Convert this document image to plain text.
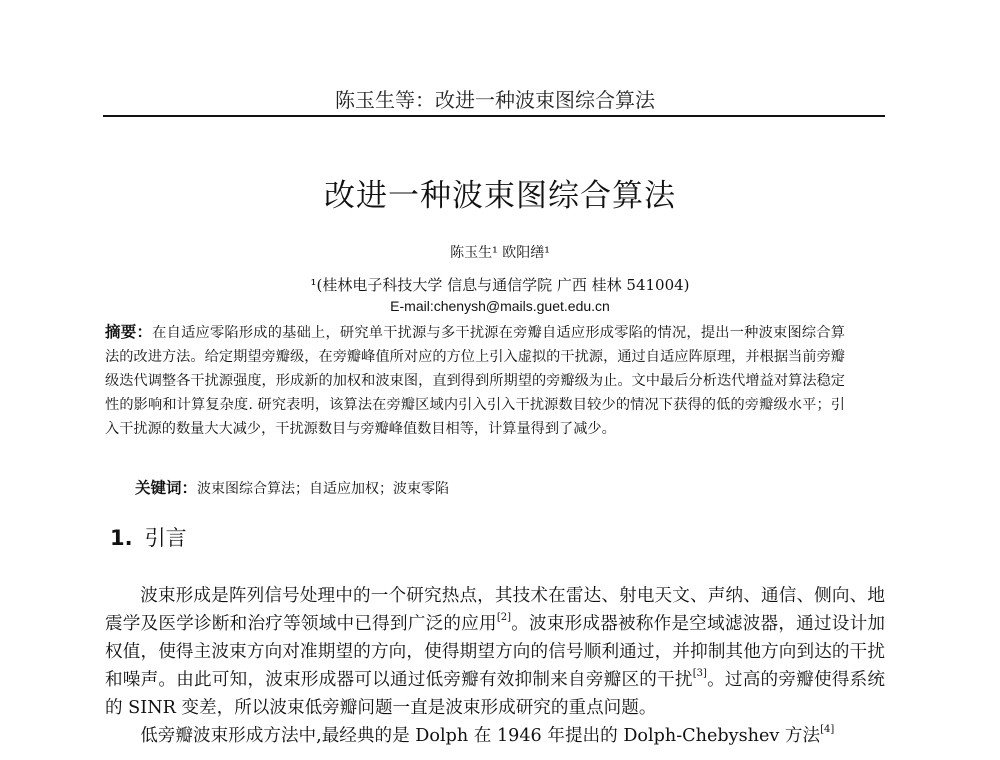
陈玉生等：改进一种波束图综合算法
改进一种波束图综合算法
陈玉生¹ 欧阳缮¹
¹(桂林电子科技大学 信息与通信学院 广西 桂林 541004)
E-mail:chenysh@mails.guet.edu.cn
摘要：在自适应零陷形成的基础上，研究单干扰源与多干扰源在旁瓣自适应形成零陷的情况，提出一种波束图综合算法的改进方法。给定期望旁瓣级，在旁瓣峰值所对应的方位上引入虚拟的干扰源，通过自适应阵原理，并根据当前旁瓣级迭代调整各干扰源强度，形成新的加权和波束图，直到得到所期望的旁瓣级为止。文中最后分析迭代增益对算法稳定性的影响和计算复杂度. 研究表明，该算法在旁瓣区域内引入引入干扰源数目较少的情况下获得的低的旁瓣级水平；引入干扰源的数量大大减少，干扰源数目与旁瓣峰值数目相等，计算量得到了减少。
关键词：波束图综合算法；自适应加权；波束零陷
1. 引言

波束形成是阵列信号处理中的一个研究热点，其技术在雷达、射电天文、声纳、通信、侧向、地震学及医学诊断和治疗等领域中已得到广泛的应用[2]。波束形成器被称作是空域滤波器，通过设计加权值，使得主波束方向对准期望的方向，使得期望方向的信号顺利通过，并抑制其他方向到达的干扰和噪声。由此可知，波束形成器可以通过低旁瓣有效抑制来自旁瓣区的干扰[3]。过高的旁瓣使得系统的 SINR 变差，所以波束低旁瓣问题一直是波束形成研究的重点问题。

低旁瓣波束形成方法中,最经典的是 Dolph 在 1946 年提出的 Dolph-Chebyshev 方法[4]
